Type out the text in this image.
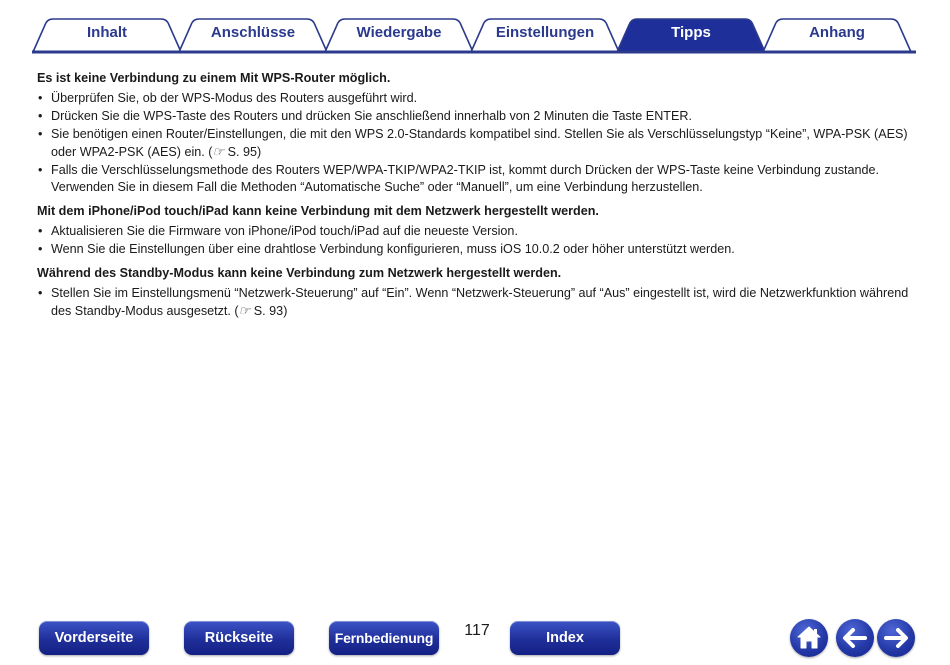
Inhalt	Anschlüsse	Wiedergabe	Einstellungen	Tipps	Anhang
Es ist keine Verbindung zu einem Mit WPS-Router möglich.
• Überprüfen Sie, ob der WPS-Modus des Routers ausgeführt wird.
• Drücken Sie die WPS-Taste des Routers und drücken Sie anschließend innerhalb von 2 Minuten die Taste ENTER.
• Sie benötigen einen Router/Einstellungen, die mit den WPS 2.0-Standards kompatibel sind. Stellen Sie als Verschlüsselungstyp “Keine”, WPA-PSK (AES) oder WPA2-PSK (AES) ein. (☞ S. 95)
• Falls die Verschlüsselungsmethode des Routers WEP/WPA-TKIP/WPA2-TKIP ist, kommt durch Drücken der WPS-Taste keine Verbindung zustande. Verwenden Sie in diesem Fall die Methoden “Automatische Suche” oder “Manuell”, um eine Verbindung herzustellen.
Mit dem iPhone/iPod touch/iPad kann keine Verbindung mit dem Netzwerk hergestellt werden.
• Aktualisieren Sie die Firmware von iPhone/iPod touch/iPad auf die neueste Version.
• Wenn Sie die Einstellungen über eine drahtlose Verbindung konfigurieren, muss iOS 10.0.2 oder höher unterstützt werden.
Während des Standby-Modus kann keine Verbindung zum Netzwerk hergestellt werden.
• Stellen Sie im Einstellungsmenü “Netzwerk-Steuerung” auf “Ein”. Wenn “Netzwerk-Steuerung” auf “Aus” eingestellt ist, wird die Netzwerkfunktion während des Standby-Modus ausgesetzt. (☞ S. 93)
Vorderseite	Rückseite	Fernbedienung	117	Index
